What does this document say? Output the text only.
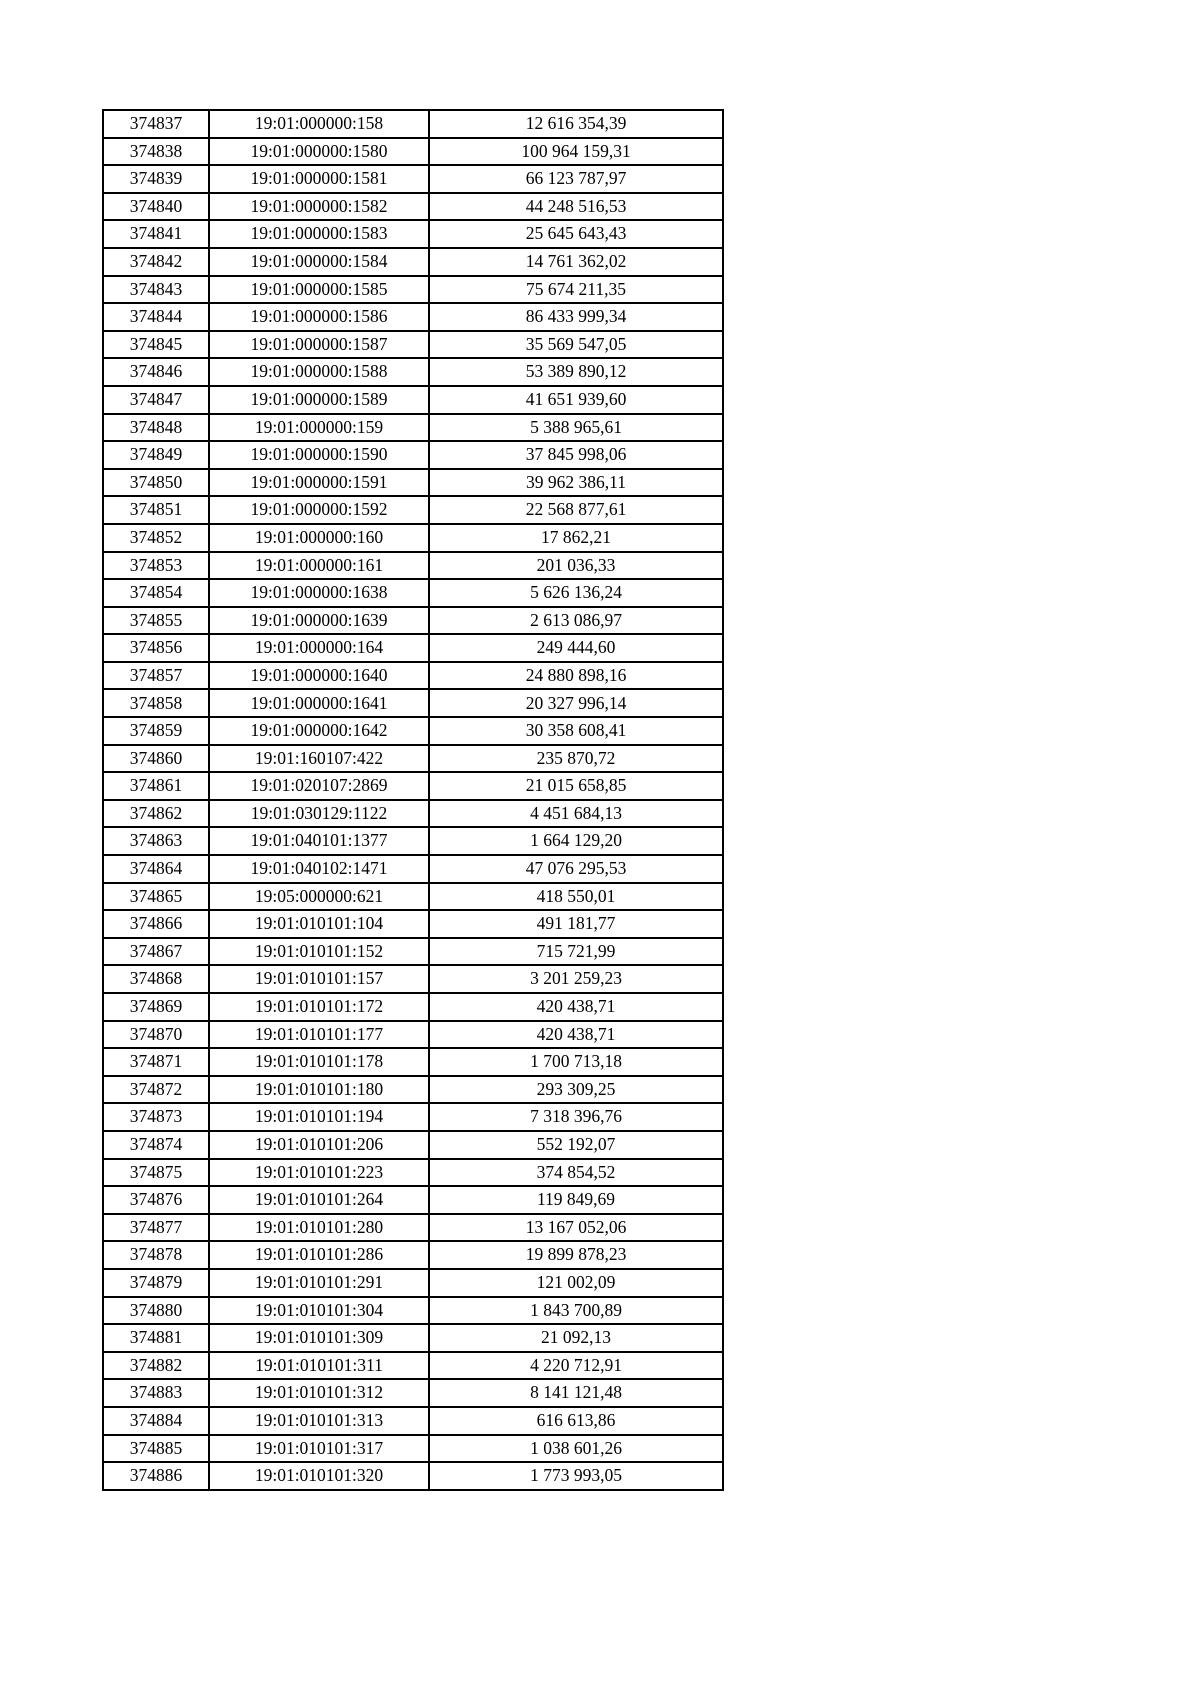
374837	19:01:000000:158	12 616 354,39
374838	19:01:000000:1580	100 964 159,31
374839	19:01:000000:1581	66 123 787,97
374840	19:01:000000:1582	44 248 516,53
374841	19:01:000000:1583	25 645 643,43
374842	19:01:000000:1584	14 761 362,02
374843	19:01:000000:1585	75 674 211,35
374844	19:01:000000:1586	86 433 999,34
374845	19:01:000000:1587	35 569 547,05
374846	19:01:000000:1588	53 389 890,12
374847	19:01:000000:1589	41 651 939,60
374848	19:01:000000:159	5 388 965,61
374849	19:01:000000:1590	37 845 998,06
374850	19:01:000000:1591	39 962 386,11
374851	19:01:000000:1592	22 568 877,61
374852	19:01:000000:160	17 862,21
374853	19:01:000000:161	201 036,33
374854	19:01:000000:1638	5 626 136,24
374855	19:01:000000:1639	2 613 086,97
374856	19:01:000000:164	249 444,60
374857	19:01:000000:1640	24 880 898,16
374858	19:01:000000:1641	20 327 996,14
374859	19:01:000000:1642	30 358 608,41
374860	19:01:160107:422	235 870,72
374861	19:01:020107:2869	21 015 658,85
374862	19:01:030129:1122	4 451 684,13
374863	19:01:040101:1377	1 664 129,20
374864	19:01:040102:1471	47 076 295,53
374865	19:05:000000:621	418 550,01
374866	19:01:010101:104	491 181,77
374867	19:01:010101:152	715 721,99
374868	19:01:010101:157	3 201 259,23
374869	19:01:010101:172	420 438,71
374870	19:01:010101:177	420 438,71
374871	19:01:010101:178	1 700 713,18
374872	19:01:010101:180	293 309,25
374873	19:01:010101:194	7 318 396,76
374874	19:01:010101:206	552 192,07
374875	19:01:010101:223	374 854,52
374876	19:01:010101:264	119 849,69
374877	19:01:010101:280	13 167 052,06
374878	19:01:010101:286	19 899 878,23
374879	19:01:010101:291	121 002,09
374880	19:01:010101:304	1 843 700,89
374881	19:01:010101:309	21 092,13
374882	19:01:010101:311	4 220 712,91
374883	19:01:010101:312	8 141 121,48
374884	19:01:010101:313	616 613,86
374885	19:01:010101:317	1 038 601,26
374886	19:01:010101:320	1 773 993,05
